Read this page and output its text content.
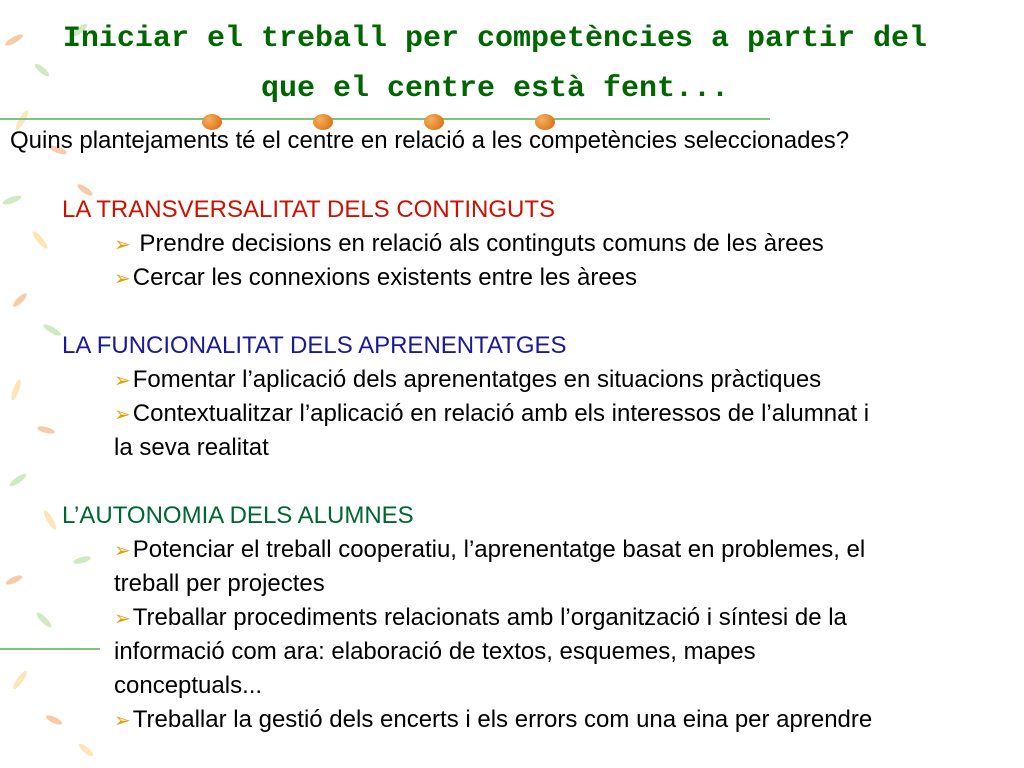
Iniciar el treball per competències a partir del
que el centre està fent...
Quins plantejaments té el centre en relació a les competències seleccionades?
LA TRANSVERSALITAT DELS CONTINGUTS
➢ Prendre decisions en relació als continguts comuns de les àrees
➢Cercar les connexions existents entre les àrees
LA FUNCIONALITAT DELS APRENENTATGES
➢Fomentar l’aplicació dels aprenentatges en situacions pràctiques
➢Contextualitzar l’aplicació en relació amb els interessos de l’alumnat i
la seva realitat
L’AUTONOMIA DELS ALUMNES
➢Potenciar el treball cooperatiu, l’aprenentatge basat en problemes, el
treball per projectes
➢Treballar procediments relacionats amb l’organització i síntesi de la
informació com ara: elaboració de textos, esquemes, mapes
conceptuals...
➢Treballar la gestió dels encerts i els errors com una eina per aprendre
